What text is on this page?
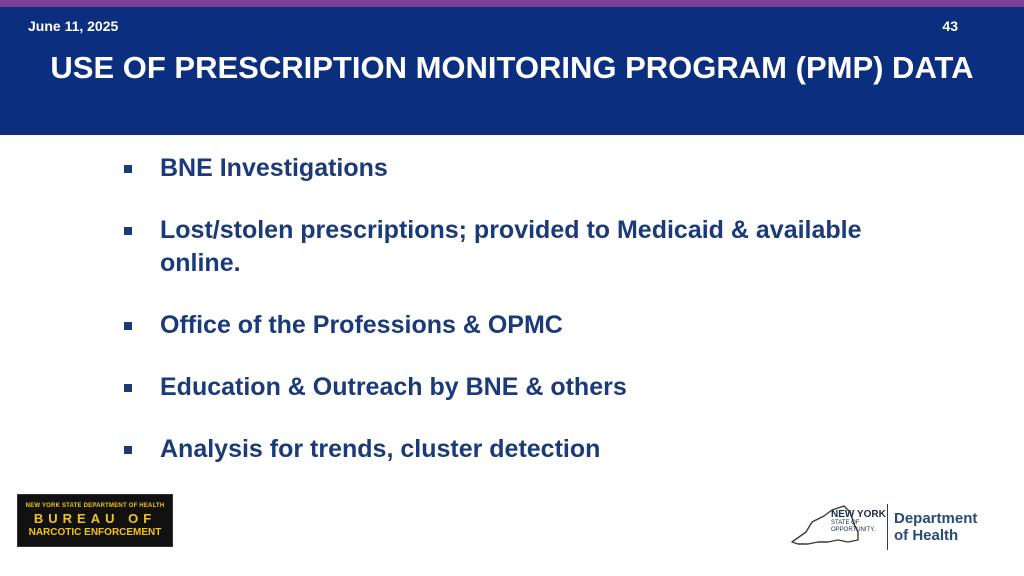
June 11, 2025	43
USE OF PRESCRIPTION MONITORING PROGRAM (PMP) DATA
BNE Investigations
Lost/stolen prescriptions; provided to Medicaid & available online.
Office of the Professions & OPMC
Education & Outreach by BNE & others
Analysis for trends, cluster detection
NEW YORK STATE DEPARTMENT OF HEALTH
BUREAU OF
NARCOTIC ENFORCEMENT
NEW YORK
STATE OF
OPPORTUNITY.
Department
of Health
